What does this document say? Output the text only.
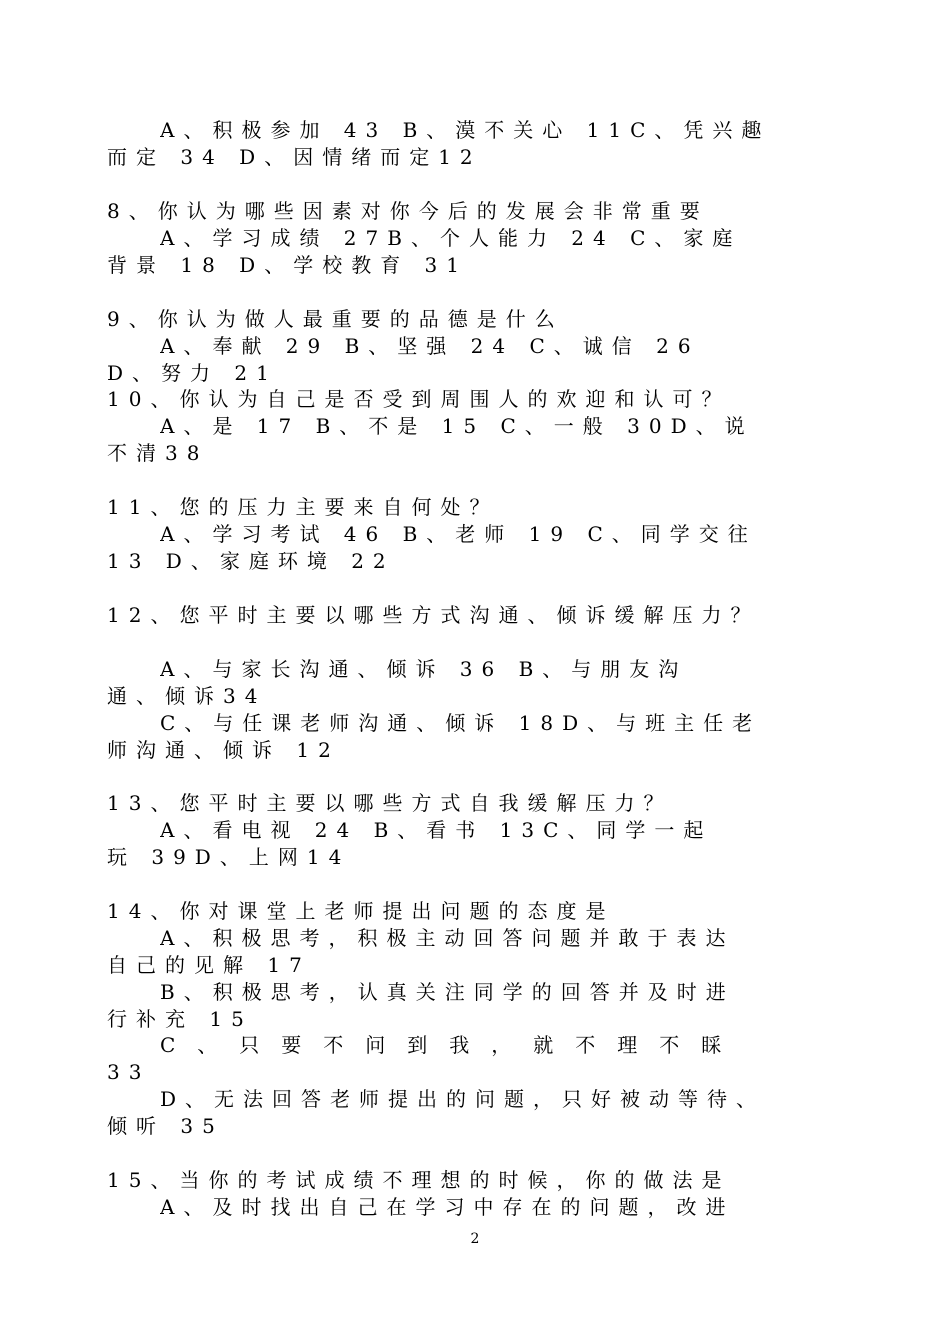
A、积极参加 43 B、漠不关心 11C、凭兴趣
而定 34 D、因情绪而定12
8、你认为哪些因素对你今后的发展会非常重要
A、学习成绩 27B、个人能力 24 C、家庭
背景 18 D、学校教育 31
9、你认为做人最重要的品德是什么
A、奉献 29 B、坚强 24 C、诚信 26
D、努力 21
10、你认为自己是否受到周围人的欢迎和认可？
A、是 17 B、不是 15 C、一般 30D、说
不清38
11、您的压力主要来自何处？
A、学习考试 46 B、老师 19 C、同学交往
13 D、家庭环境 22
12、您平时主要以哪些方式沟通、倾诉缓解压力？
A、与家长沟通、倾诉 36 B、与朋友沟
通、倾诉34
C、与任课老师沟通、倾诉 18D、与班主任老
师沟通、倾诉 12
13、您平时主要以哪些方式自我缓解压力？
A、看电视 24 B、看书 13C、同学一起
玩 39D、上网14
14、你对课堂上老师提出问题的态度是
A、积极思考，积极主动回答问题并敢于表达
自己的见解 17
B、积极思考，认真关注同学的回答并及时进
行补充 15
C、只要不问到我，就不理不睬
33
D、无法回答老师提出的问题，只好被动等待、
倾听 35
15、当你的考试成绩不理想的时候，你的做法是
A、及时找出自己在学习中存在的问题，改进
2
